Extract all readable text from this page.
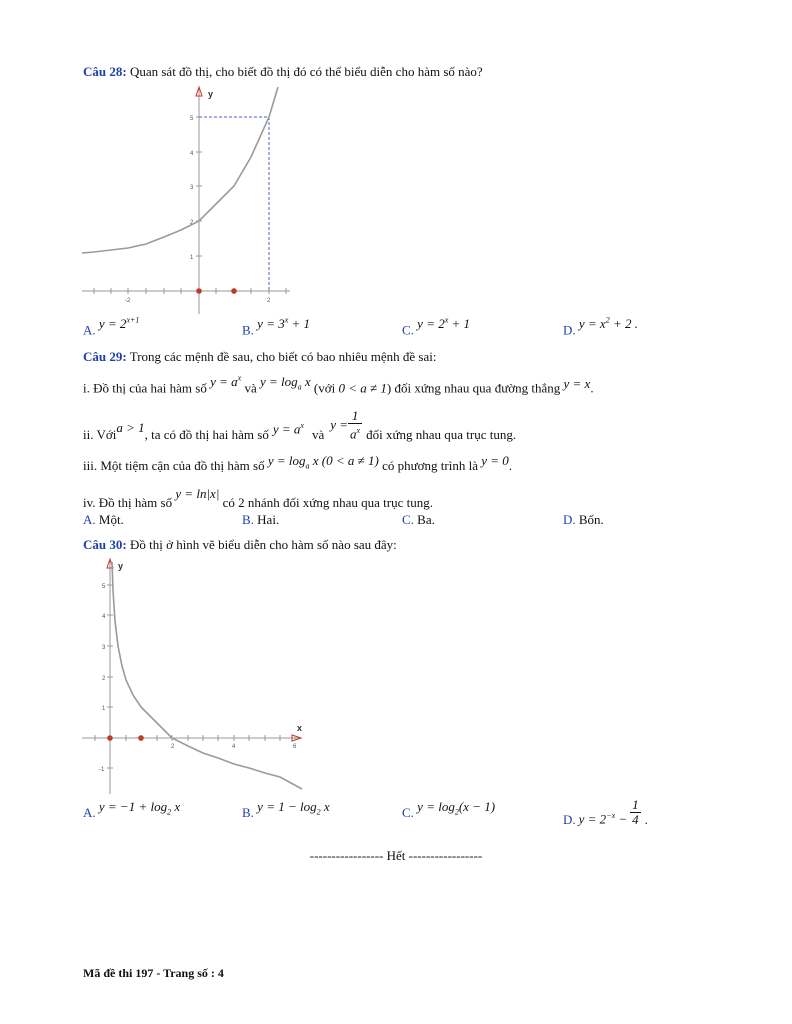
Câu 28: Quan sát đồ thị, cho biết đồ thị đó có thể biểu diễn cho hàm số nào?
y
5
4
3
2
1
-2	2
A. $y = 2^{x+1}$
B. $y = 3^x + 1$	C. $y = 2^x + 1$	D. $y = x^2 + 2$ .
Câu 29: Trong các mệnh đề sau, cho biết có bao nhiêu mệnh đề sai:
i. Đồ thị của hai hàm số $y = a^x$ và $y = \log_a x$ (với 0 < a ≠ 1) đối xứng nhau qua đường thẳng y = x.
ii. Với a > 1 , ta có đồ thị hai hàm số $y = a^x$
và
$y = \frac{1}{a^x}$ đối xứng nhau qua trục tung.
iii. Một tiệm cận của đồ thị hàm số $y = \log_a x$ (0 < a ≠ 1) có phương trình là y = 0.
iv. Đồ thị hàm số y = ln|x| có 2 nhánh đối xứng nhau qua trục tung.
A. Một.	B. Hai.	C. Ba.	D. Bốn.
Câu 30: Đồ thị ở hình vẽ biểu diễn cho hàm số nào sau đây:
y
x
5
4
3
2
1
-1
2	4	6
A. $y = -1 + \log_2 x$	B. $y = 1 - \log_2 x$	C. $y = \log_2(x - 1)$
D. $y = 2^{-x} - \frac{1}{4}$ .
----------------- Hết -----------------
Mã đề thi 197 - Trang số : 4
